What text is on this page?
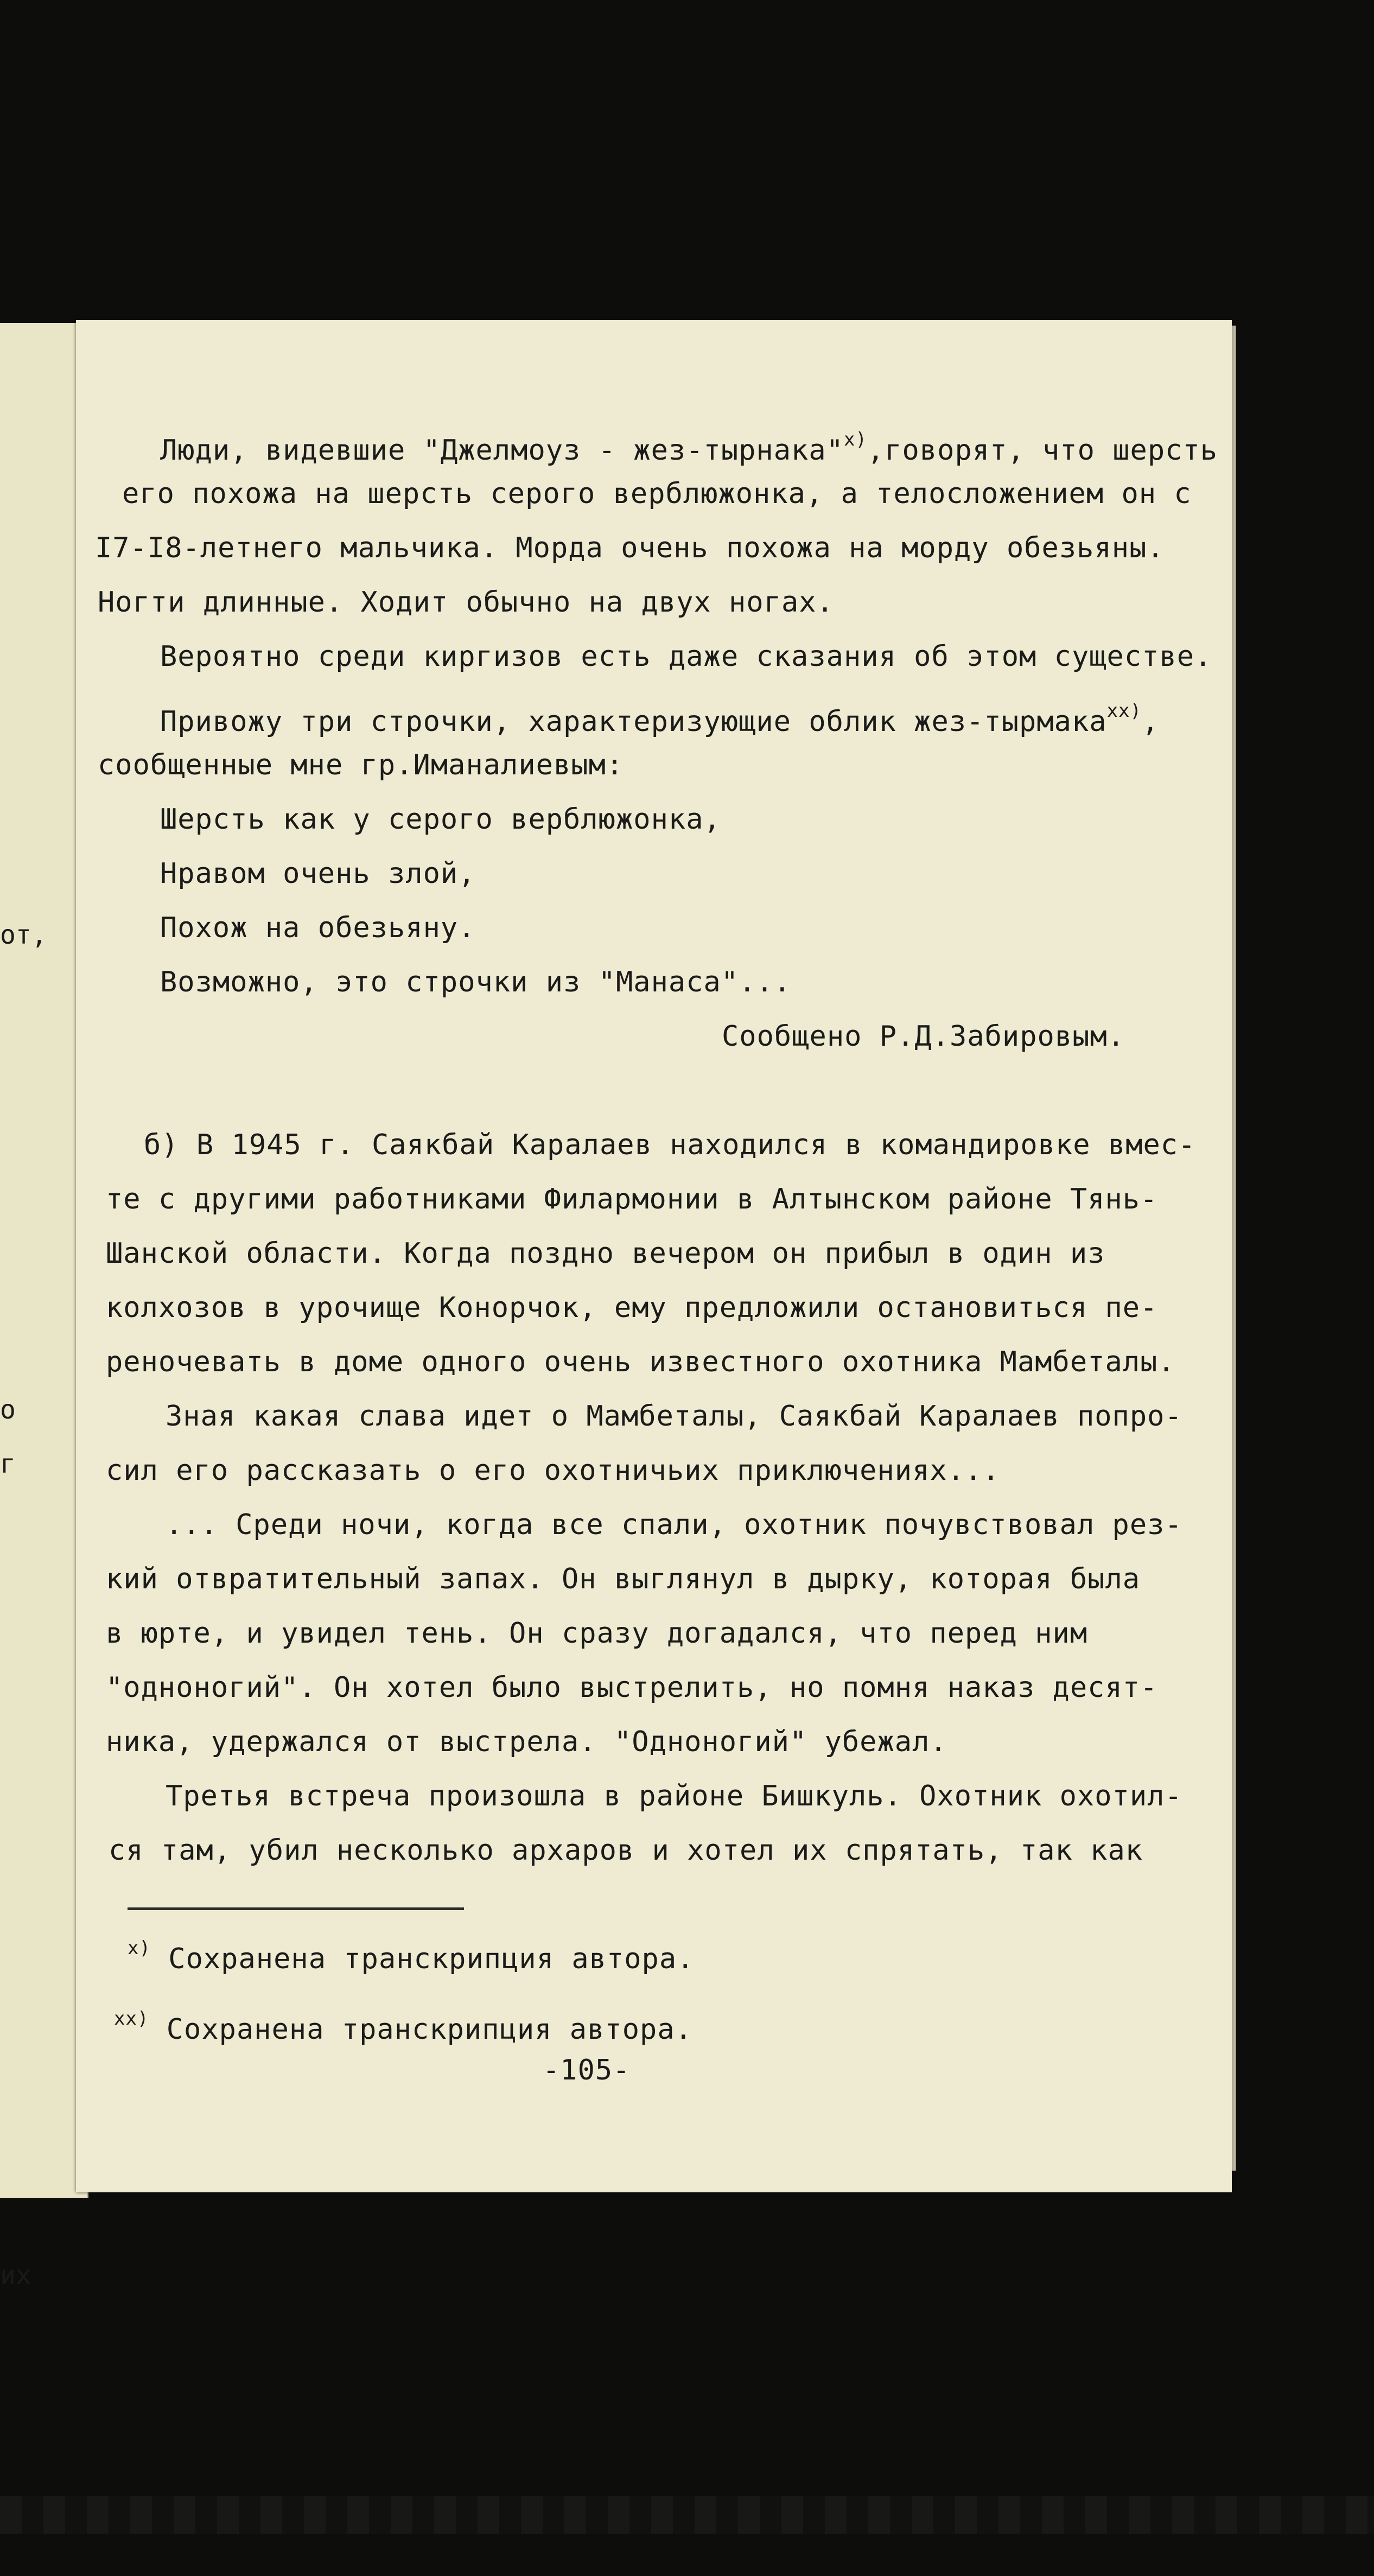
от,
о
г
их
Люди, видевшие "Джелмоуз - жез-тырнака"$^{х)}$,говорят, что шерсть
его похожа на шерсть серого верблюжонка, а телосложением он с
I7-I8-летнего мальчика. Морда очень похожа на морду обезьяны.
Ногти длинные. Ходит обычно на двух ногах.
Вероятно среди киргизов есть даже сказания об этом существе.
Привожу три строчки, характеризующие облик жез-тырмака$^{хх)}$,
сообщенные мне гр.Иманалиевым:
Шерсть как у серого верблюжонка,
Нравом очень злой,
Похож на обезьяну.
Возможно, это строчки из "Манаса"...
Сообщено Р.Д.Забировым.
б) В 1945 г. Саякбай Каралаев находился в командировке вмес-
те с другими работниками Филармонии в Алтынском районе Тянь-
Шанской области. Когда поздно вечером он прибыл в один из
колхозов в урочище Конорчок, ему предложили остановиться пе-
реночевать в доме одного очень известного охотника Мамбеталы.
Зная какая слава идет о Мамбеталы, Саякбай Каралаев попро-
сил его рассказать о его охотничьих приключениях...
... Среди ночи, когда все спали, охотник почувствовал рез-
кий отвратительный запах. Он выглянул в дырку, которая была
в юрте, и увидел тень. Он сразу догадался, что перед ним
"одноногий". Он хотел было выстрелить, но помня наказ десят-
ника, удержался от выстрела. "Одноногий" убежал.
Третья встреча произошла в районе Бишкуль. Охотник охотил-
ся там, убил несколько архаров и хотел их спрятать, так как
$^{х)}$ Сохранена транскрипция автора.
$^{хх)}$ Сохранена транскрипция автора.
-105-
